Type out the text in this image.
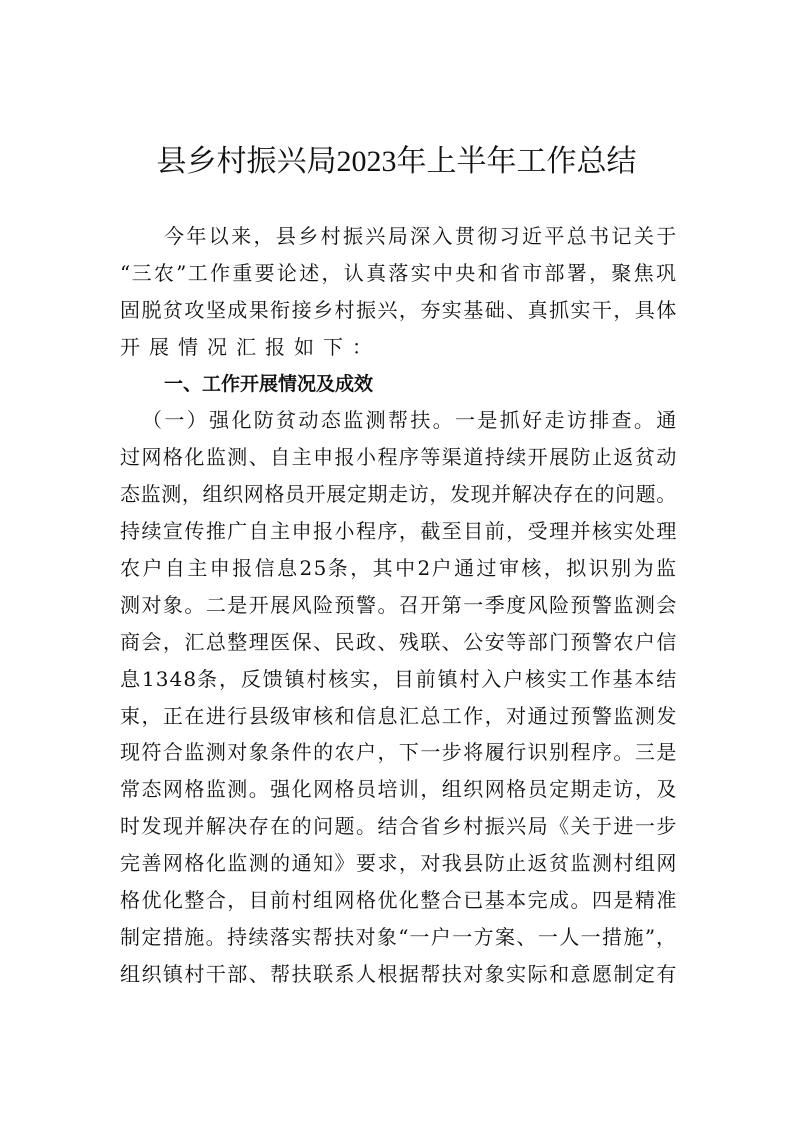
县乡村振兴局2023年上半年工作总结
今 年 以 来 ， 县 乡 村 振 兴 局 深 入 贯 彻 习 近 平 总 书 记 关 于
“ 三 农 ” 工 作 重 要 论 述 ， 认 真 落 实 中 央 和 省 市 部 署 ， 聚 焦 巩
固 脱 贫 攻 坚 成 果 衔 接 乡 村 振 兴 ， 夯 实 基 础 、 真 抓 实 干 ， 具 体
开展情况汇报如下：
一、工作开展情况及成效
（ 一 ） 强 化 防 贫 动 态 监 测 帮 扶 。 一 是 抓 好 走 访 排 查 。 通
过 网 格 化 监 测 、 自 主 申 报 小 程 序 等 渠 道 持 续 开 展 防 止 返 贫 动
态 监 测 ， 组 织 网 格 员 开 展 定 期 走 访 ， 发 现 并 解 决 存 在 的 问 题 。
持 续 宣 传 推 广 自 主 申 报 小 程 序 ， 截 至 目 前 ， 受 理 并 核 实 处 理
农 户 自 主 申 报 信 息 2 5 条 ， 其 中 2 户 通 过 审 核 ， 拟 识 别 为 监
测 对 象 。 二 是 开 展 风 险 预 警 。 召 开 第 一 季 度 风 险 预 警 监 测 会
商 会 ， 汇 总 整 理 医 保 、 民 政 、 残 联 、 公 安 等 部 门 预 警 农 户 信
息 1 3 4 8 条 ， 反 馈 镇 村 核 实 ， 目 前 镇 村 入 户 核 实 工 作 基 本 结
束 ， 正 在 进 行 县 级 审 核 和 信 息 汇 总 工 作 ， 对 通 过 预 警 监 测 发
现 符 合 监 测 对 象 条 件 的 农 户 ， 下 一 步 将 履 行 识 别 程 序 。 三 是
常 态 网 格 监 测 。 强 化 网 格 员 培 训 ， 组 织 网 格 员 定 期 走 访 ， 及
时 发 现 并 解 决 存 在 的 问 题 。 结 合 省 乡 村 振 兴 局 《 关 于 进 一 步
完 善 网 格 化 监 测 的 通 知 》 要 求 ， 对 我 县 防 止 返 贫 监 测 村 组 网
格 优 化 整 合 ， 目 前 村 组 网 格 优 化 整 合 已 基 本 完 成 。 四 是 精 准
制 定 措 施 。 持 续 落 实 帮 扶 对 象 “ 一 户 一 方 案 、 一 人 一 措 施 ” ，
组 织 镇 村 干 部 、 帮 扶 联 系 人 根 据 帮 扶 对 象 实 际 和 意 愿 制 定 有
